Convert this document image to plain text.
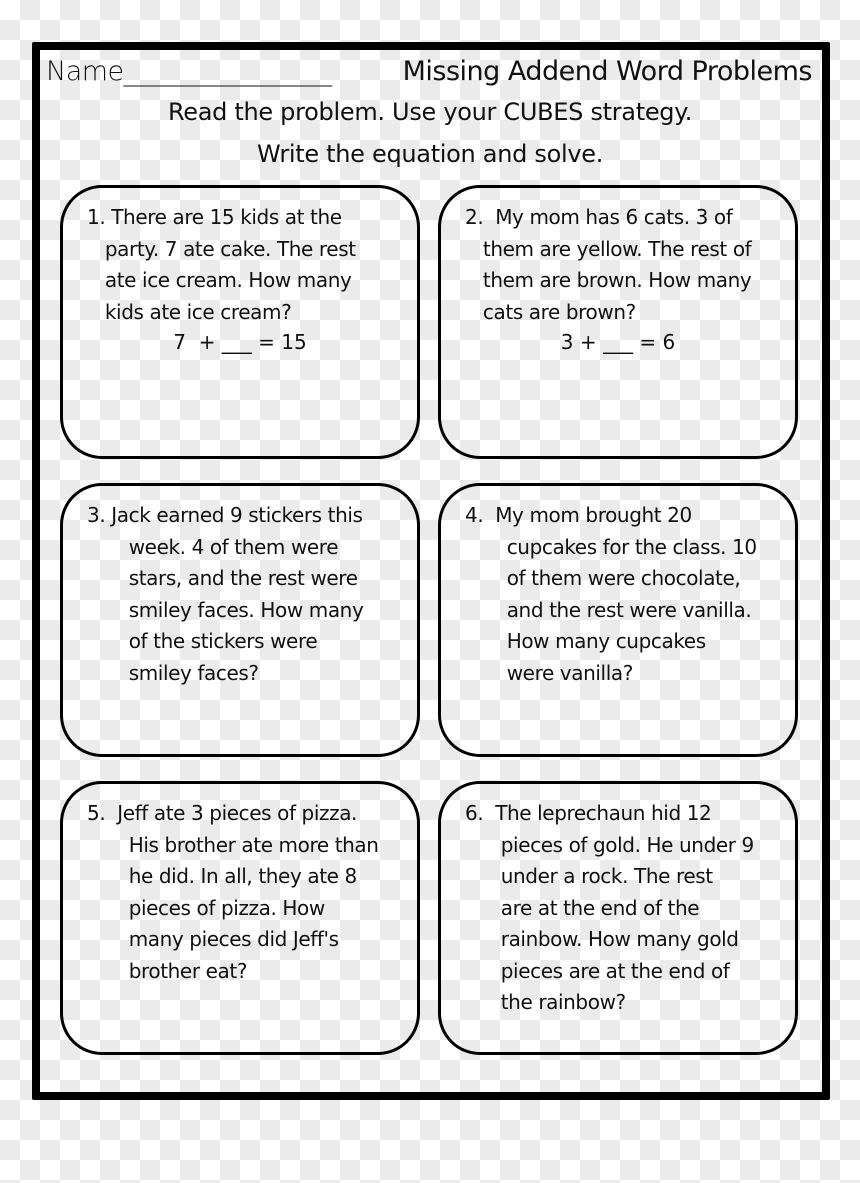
Name________________	Missing Addend Word Problems
Read the problem. Use your CUBES strategy.
Write the equation and solve.
1. There are 15 kids at the
party. 7 ate cake. The rest
ate ice cream. How many
kids ate ice cream?
7  + ___ = 15
2.  My mom has 6 cats. 3 of
them are yellow. The rest of
them are brown. How many
cats are brown?
3 + ___ = 6
3. Jack earned 9 stickers this
week. 4 of them were
stars, and the rest were
smiley faces. How many
of the stickers were
smiley faces?
4.  My mom brought 20
cupcakes for the class. 10
of them were chocolate,
and the rest were vanilla.
How many cupcakes
were vanilla?
5.  Jeff ate 3 pieces of pizza.
His brother ate more than
he did. In all, they ate 8
pieces of pizza. How
many pieces did Jeff's
brother eat?
6.  The leprechaun hid 12
pieces of gold. He under 9
under a rock. The rest
are at the end of the
rainbow. How many gold
pieces are at the end of
the rainbow?
